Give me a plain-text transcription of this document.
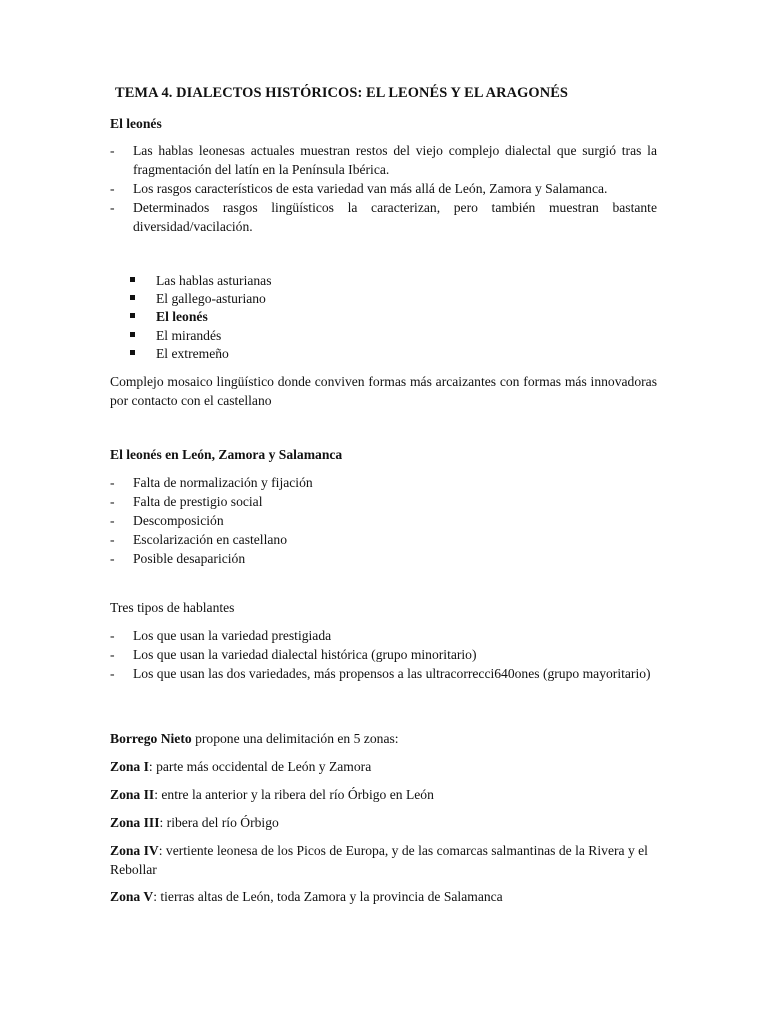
TEMA 4. DIALECTOS HISTÓRICOS: EL LEONÉS Y EL ARAGONÉS
El leonés
-	Las hablas leonesas actuales muestran restos del viejo complejo dialectal que surgió tras la fragmentación del latín en la Península Ibérica.
-	Los rasgos característicos de esta variedad van más allá de León, Zamora y Salamanca.
-	Determinados rasgos lingüísticos la caracterizan, pero también muestran bastante diversidad/vacilación.
Las hablas asturianas
El gallego-asturiano
El leonés
El mirandés
El extremeño
Complejo mosaico lingüístico donde conviven formas más arcaizantes con formas más innovadoras por contacto con el castellano
El leonés en León, Zamora y Salamanca
-	Falta de normalización y fijación
-	Falta de prestigio social
-	Descomposición
-	Escolarización en castellano
-	Posible desaparición
Tres tipos de hablantes
-	Los que usan la variedad prestigiada
-	Los que usan la variedad dialectal histórica (grupo minoritario)
-	Los que usan las dos variedades, más propensos a las ultracorrecci640ones (grupo mayoritario)
Borrego Nieto propone una delimitación en 5 zonas:
Zona I: parte más occidental de León y Zamora
Zona II: entre la anterior y la ribera del río Órbigo en León
Zona III: ribera del río Órbigo
Zona IV: vertiente leonesa de los Picos de Europa, y de las comarcas salmantinas de la Rivera y el Rebollar
Zona V: tierras altas de León, toda Zamora y la provincia de Salamanca
